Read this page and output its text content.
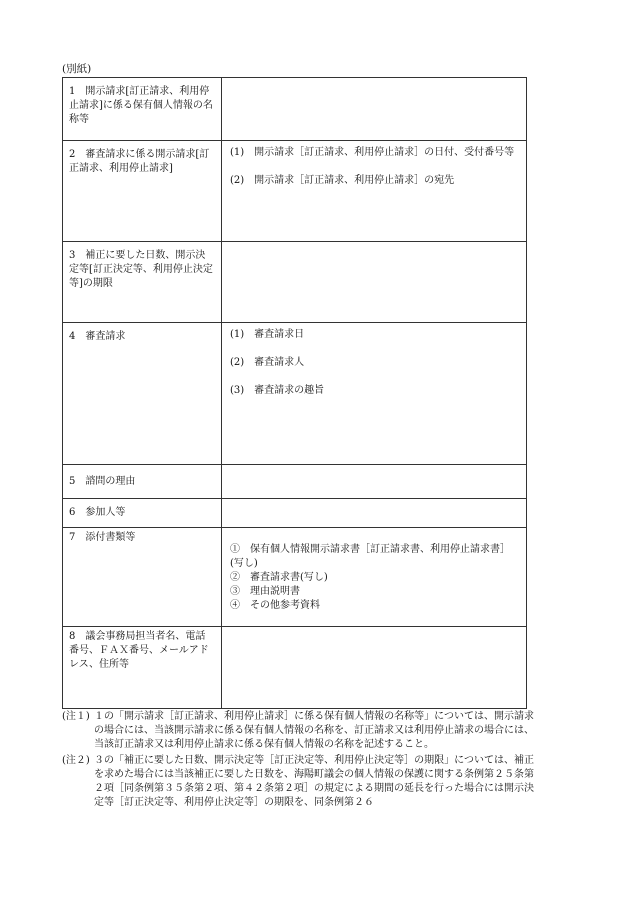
(別紙)
1　開示請求[訂正請求、利用停止請求]に係る保有個人情報の名称等	

2　審査請求に係る開示請求[訂正請求、利用停止請求]	(1)　開示請求［訂正請求、利用停止請求］の日付、受付番号等
(2)　開示請求［訂正請求、利用停止請求］の宛先

3　補正に要した日数、開示決定等[訂正決定等、利用停止決定等]の期限	

4　審査請求	(1)　審査請求日
(2)　審査請求人
(3)　審査請求の趣旨

5　諮問の理由	

6　参加人等	

7　添付書類等	①　保有個人情報開示請求書［訂正請求書、利用停止請求書］(写し)
②　審査請求書(写し)
③　理由説明書
④　その他参考資料

8　議会事務局担当者名、電話番号、ＦＡＸ番号、メールアドレス、住所等	

(注１) １の「開示請求［訂正請求、利用停止請求］に係る保有個人情報の名称等」については、開示請求の場合には、当該開示請求に係る保有個人情報の名称を、訂正請求又は利用停止請求の場合には、当該訂正請求又は利用停止請求に係る保有個人情報の名称を記述すること。
(注２) ３の「補正に要した日数、開示決定等［訂正決定等、利用停止決定等］の期限」については、補正を求めた場合には当該補正に要した日数を、海陽町議会の個人情報の保護に関する条例第２５条第２項［同条例第３５条第２項、第４２条第２項］の規定による期間の延長を行った場合には開示決定等［訂正決定等、利用停止決定等］の期限を、同条例第２６
